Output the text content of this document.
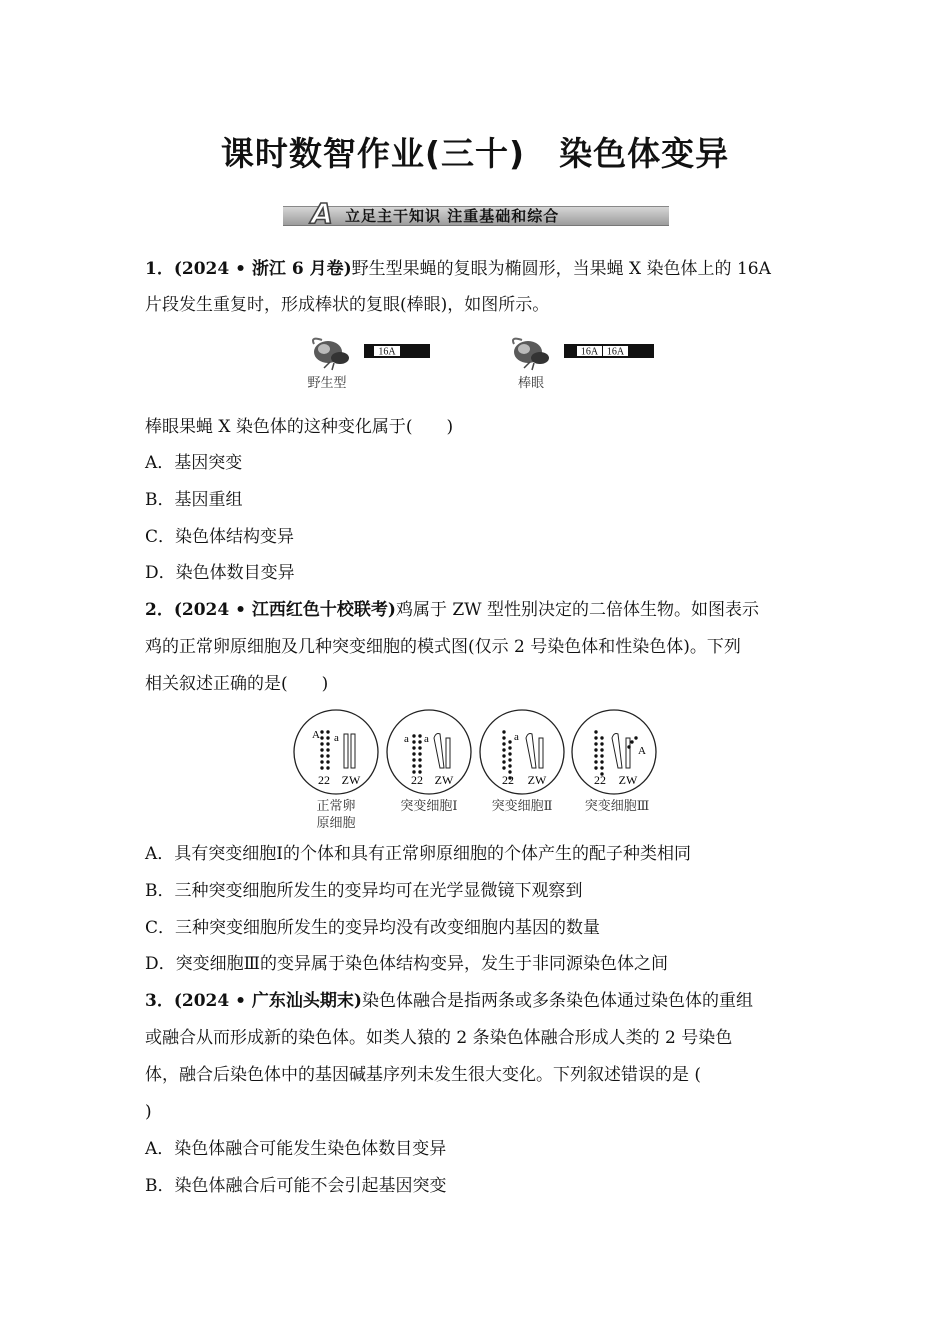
课时数智作业(三十)　染色体变异
A 立足主干知识 注重基础和综合
1．(2024 • 浙江 6 月卷)野生型果蝇的复眼为椭圆形，当果蝇 X 染色体上的 16A
片段发生重复时，形成棒状的复眼(棒眼)，如图所示。
16A	16A 16A
野生型	棒眼
棒眼果蝇 X 染色体的这种变化属于(　　)
A．基因突变
B．基因重组
C．染色体结构变异
D．染色体数目变异
2．(2024 • 江西红色十校联考)鸡属于 ZW 型性别决定的二倍体生物。如图表示
鸡的正常卵原细胞及几种突变细胞的模式图(仅示 2 号染色体和性染色体)。下列
相关叙述正确的是(　　)
A a
22 ZW
a a
22 ZW
a
22 ZW
A
22 ZW
正常卵
原细胞
突变细胞Ⅰ	突变细胞Ⅱ	突变细胞Ⅲ
A．具有突变细胞Ⅰ的个体和具有正常卵原细胞的个体产生的配子种类相同
B．三种突变细胞所发生的变异均可在光学显微镜下观察到
C．三种突变细胞所发生的变异均没有改变细胞内基因的数量
D．突变细胞Ⅲ的变异属于染色体结构变异，发生于非同源染色体之间
3．(2024 • 广东汕头期末)染色体融合是指两条或多条染色体通过染色体的重组
或融合从而形成新的染色体。如类人猿的 2 条染色体融合形成人类的 2 号染色
体，融合后染色体中的基因碱基序列未发生很大变化。下列叙述错误的是 (
)
A．染色体融合可能发生染色体数目变异
B．染色体融合后可能不会引起基因突变
